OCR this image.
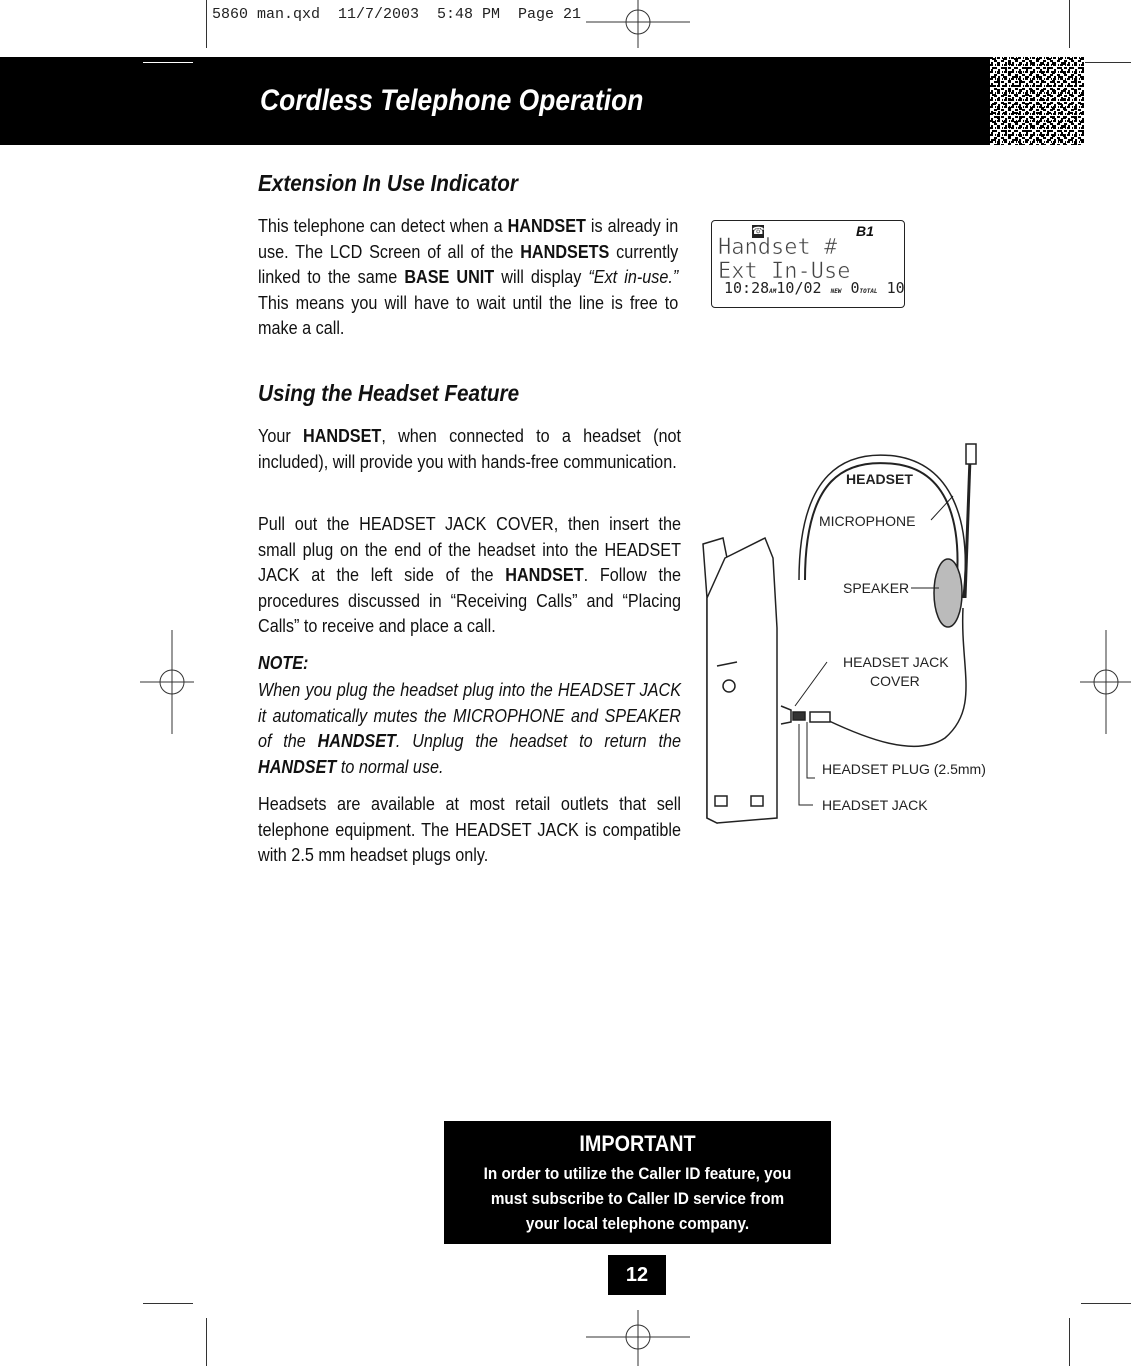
5860 man.qxd  11/7/2003  5:48 PM  Page 21
Cordless Telephone Operation
Extension In Use Indicator
This telephone can detect when a HANDSET is already in use. The LCD Screen of all of the HANDSETS currently linked to the same BASE UNIT will display “Ext in-use.” This means you will have to wait until the line is free to make a call.
☎	B1
Handset #
Ext In-Use
10:28AM10/02 NEW 0TOTAL 10
Using the Headset Feature
Your HANDSET, when connected to a headset (not included), will provide you with hands-free communication.
Pull out the HEADSET JACK COVER, then insert the small plug on the end of the headset into the HEADSET JACK at the left side of the HANDSET. Follow the procedures discussed in “Receiving Calls” and “Placing Calls” to receive and place a call.
NOTE:
When you plug the headset plug into the HEADSET JACK it automatically mutes the MICROPHONE and SPEAKER of the HANDSET. Unplug the headset to return the HANDSET to normal use.
Headsets are available at most retail outlets that sell telephone equipment. The HEADSET JACK is compatible with 2.5 mm headset plugs only.
HEADSET
MICROPHONE
SPEAKER
HEADSET JACK
COVER
HEADSET PLUG (2.5mm)
HEADSET JACK
IMPORTANT
In order to utilize the Caller ID feature, you
must subscribe to Caller ID service from
your local telephone company.
12
